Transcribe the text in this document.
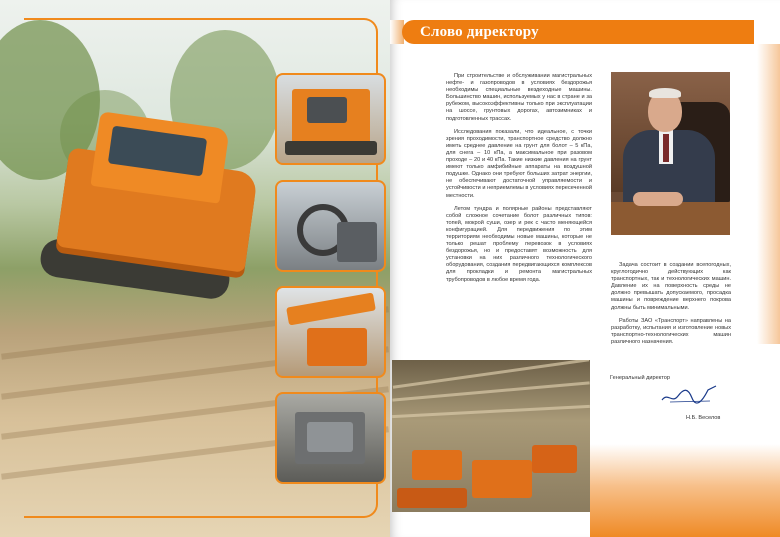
Слово директору

При строительстве и обслуживании магистральных нефте- и газопроводов в условиях бездорожья необходимы специальные вездеходные машины. Большинство машин, используемых у нас в стране и за рубежом, высокоэффективны только при эксплуатации на шоссе, грунтовых дорогах, автозимниках и подготовленных трассах.

Исследования показали, что идеальное, с точки зрения проходимости, транспортное средство должно иметь среднее давление на грунт для болот – 5 кПа, для снега – 10 кПа, а максимальное при разовом проходе – 20 и 40 кПа. Такие низкие давления на грунт имеют только амфибийные аппараты на воздушной подушке. Однако они требуют больших затрат энергии, не обеспечивают достаточной управляемости и устойчивости и неприемлемы в условиях пересеченной местности.

Летом тундра и полярные районы представляют собой сложное сочетание болот различных типов: топей, мокрой суши, озер и рек с часто меняющейся конфигурацией. Для передвижения по этим территориям необходимы новые машины, которые не только решат проблему перевозок в условиях бездорожья, но и предоставят возможность для установки на них различного технологического оборудования, создания передвигающихся комплексов для прокладки и ремонта магистральных трубопроводов в любое время года.

Задача состоит в создании всепогодных, круглогодично действующих как транспортных, так и технологических машин. Давление их на поверхность среды не должно превышать допускаемого, просадка машины и повреждение верхнего покрова должны быть минимальными.

Работы ЗАО «Транспорт» направлены на разработку, испытания и изготовление новых транспортно-технологических машин различного назначения.

Генеральный директор
Н.Б. Веселов
